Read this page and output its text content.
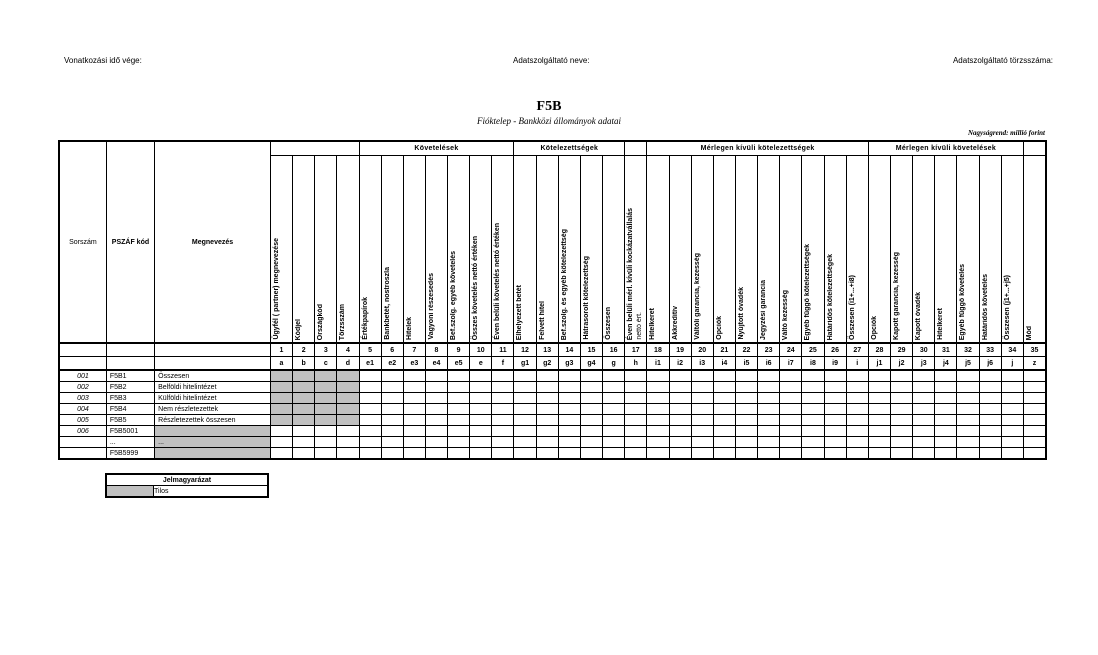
Vonatkozási idő vége:	Adatszolgáltató neve:	Adatszolgáltató törzsszáma:
F5B
Fióktelep - Bankközi állományok adatai
Nagyságrend: millió forint
Sorszám	PSZÁF kód	Megnevezés					Követelések							Kötelezettségek						Mérlegen kívüli kötelezettségek										Mérlegen kívüli követelések							
			Ügyfél ( partner) megnevezése	Kódjel	Országkód	Törzsszám	Értékpapírok	Bankbetét, nostroszla	Hitelek	Vagyoni részesedés	Bef.szolg. egyéb követelés	Összes követelés nettó értéken	Éven belüli követelés nettó értéken	Elhelyezett betét	Felvett hitel	Bef.szolg. és egyéb kötelezettség	Hátrasorolt kötelezettség	Összesen	Éven belüli mérl. kívüli kockázatvállalás nettó ért.	Hitelkeret	Akkreditív	Váltóli garancia, kezesség	Opciók	Nyújtott óvadék	Jegyzési garancia	Váltó kezesség	Egyéb függő kötelezettségek	Határidős kötelezettségek	Összesen (i1+...+i8)	Opciók	Kapott garancia, kezesség	Kapott óvadék	Hitelkeret	Egyéb függő követelés	Határidős követelés	Összesen (j1+...+j5)	Mód
			1	2	3	4	5	6	7	8	9	10	11	12	13	14	15	16	17	18	19	20	21	22	23	24	25	26	27	28	29	30	31	32	33	34	35
			a	b	c	d	e1	e2	e3	e4	e5	e	f	g1	g2	g3	g4	g	h	i1	i2	i3	i4	i5	i6	i7	i8	i9	i	j1	j2	j3	j4	j5	j6	j	z
001	F5B1	Összesen																																			
002	F5B2	Belföldi hitelintézet																																			
003	F5B3	Külföldi hitelintézet																																			
004	F5B4	Nem részletezettek																																			
005	F5B5	Részletezettek összesen																																			
006	F5B5001																																				
	...	...																																			
	F5B5999																																				
Jelmagyarázat
	Tilos
